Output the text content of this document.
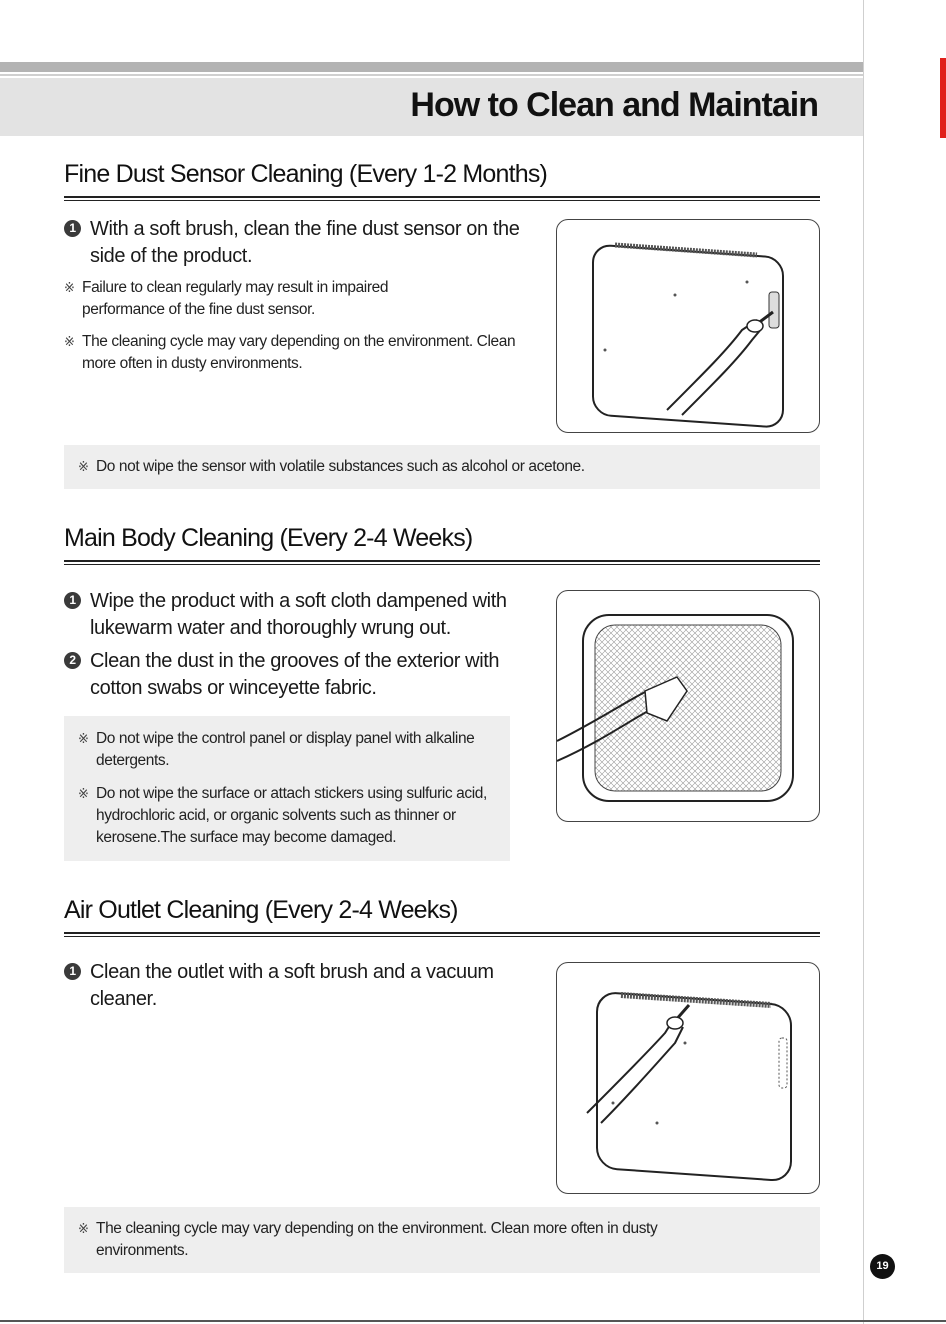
How to Clean and Maintain
Fine Dust Sensor Cleaning (Every 1-2 Months)
1 With a soft brush, clean the fine dust sensor on the side of the product.
※ Failure to clean regularly may result in impaired performance of the fine dust sensor.
※ The cleaning cycle may vary depending on the environment. Clean more often in dusty environments.
※ Do not wipe the sensor with volatile substances such as alcohol or acetone.
Main Body Cleaning (Every 2-4 Weeks)
1 Wipe the product with a soft cloth dampened with lukewarm water and thoroughly wrung out.
2 Clean the dust in the grooves of the exterior with cotton swabs or winceyette fabric.
※ Do not wipe the control panel or display panel with alkaline detergents.
※ Do not wipe the surface or attach stickers using sulfuric acid, hydrochloric acid, or organic solvents such as thinner or kerosene.The surface may become damaged.
Air Outlet Cleaning (Every 2-4 Weeks)
1 Clean the outlet with a soft brush and a vacuum cleaner.
※ The cleaning cycle may vary depending on the environment. Clean more often in dusty environments.
19
